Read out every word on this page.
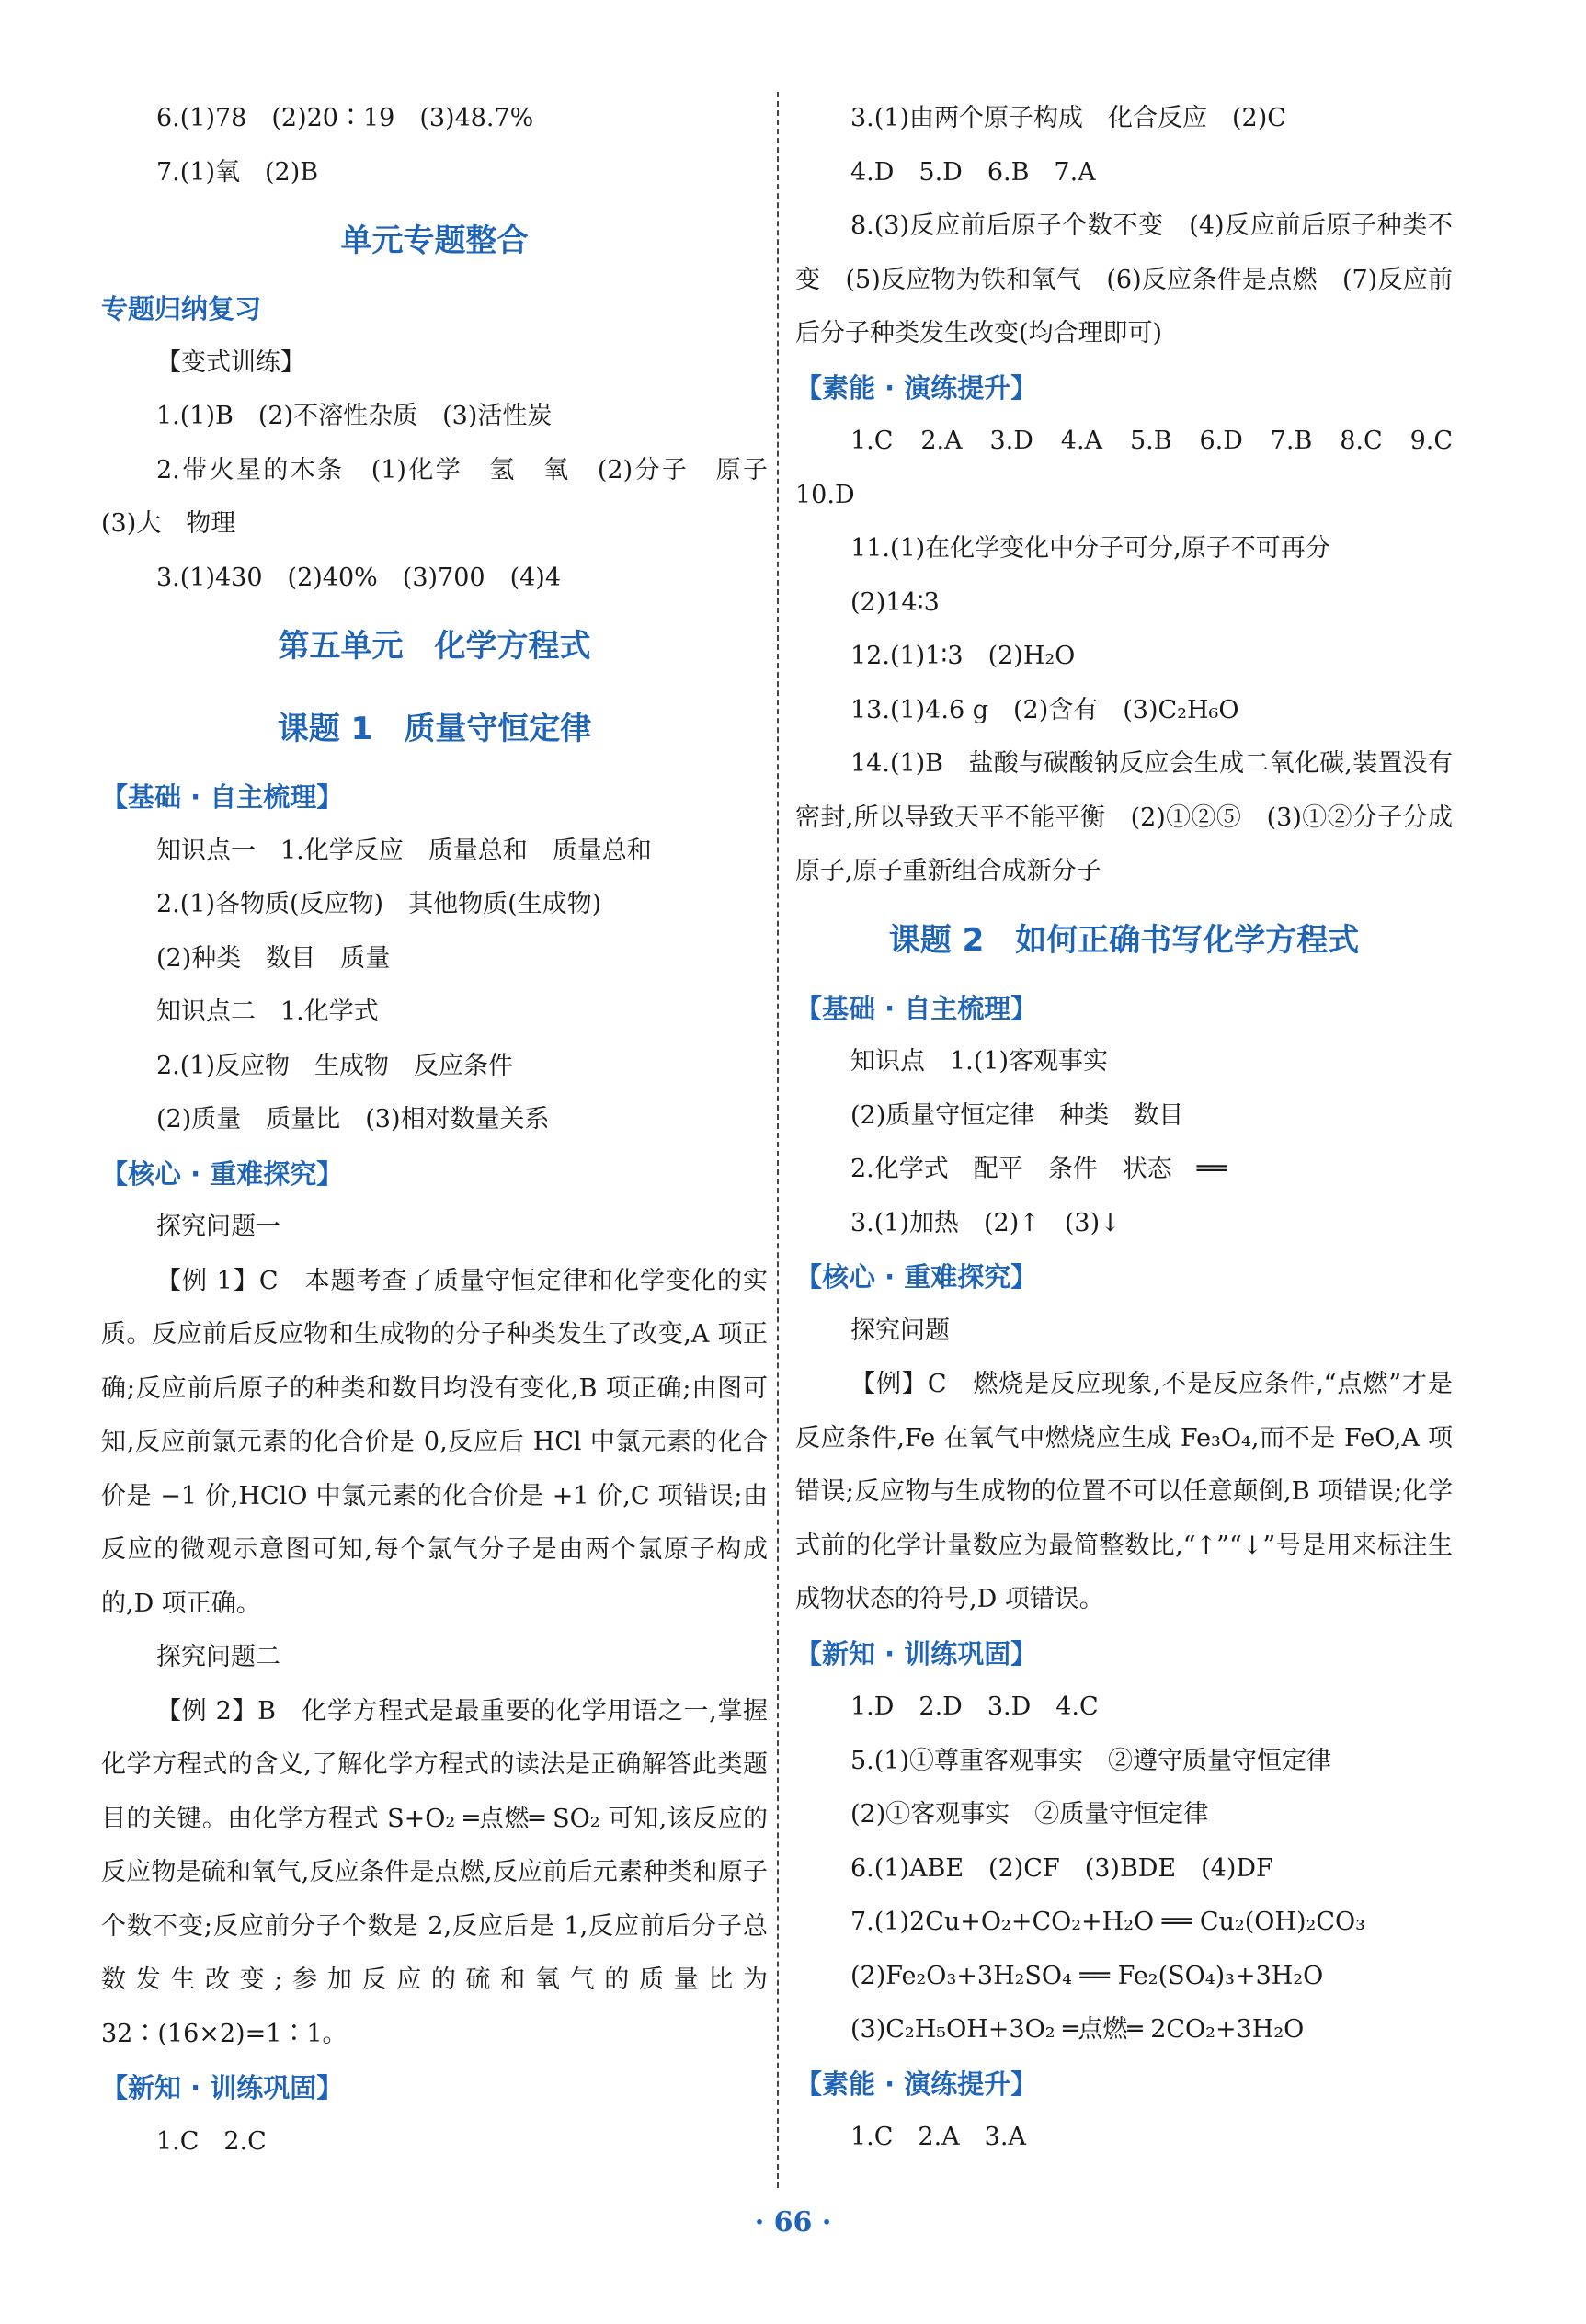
6.(1)78　(2)20∶19　(3)48.7%

7.(1)氧　(2)B

单元专题整合

专题归纳复习

【变式训练】

1.(1)B　(2)不溶性杂质　(3)活性炭

2.带火星的木条　(1)化学　氢　氧　(2)分子　原子　(3)大　物理

3.(1)430　(2)40%　(3)700　(4)4

第五单元　化学方程式

课题 1　质量守恒定律

【基础 · 自主梳理】

知识点一　1.化学反应　质量总和　质量总和

2.(1)各物质(反应物)　其他物质(生成物)

(2)种类　数目　质量

知识点二　1.化学式

2.(1)反应物　生成物　反应条件

(2)质量　质量比　(3)相对数量关系

【核心 · 重难探究】

探究问题一

【例 1】C　本题考查了质量守恒定律和化学变化的实质。反应前后反应物和生成物的分子种类发生了改变,A 项正确;反应前后原子的种类和数目均没有变化,B 项正确;由图可知,反应前氯元素的化合价是 0,反应后 HCl 中氯元素的化合价是 −1 价,HClO 中氯元素的化合价是 +1 价,C 项错误;由反应的微观示意图可知,每个氯气分子是由两个氯原子构成的,D 项正确。

探究问题二

【例 2】B　化学方程式是最重要的化学用语之一,掌握化学方程式的含义,了解化学方程式的读法是正确解答此类题目的关键。由化学方程式 S+O₂ ═点燃═ SO₂ 可知,该反应的反应物是硫和氧气,反应条件是点燃,反应前后元素种类和原子个数不变;反应前分子个数是 2,反应后是 1,反应前后分子总数发生改变;参加反应的硫和氧气的质量比为 32∶(16×2)=1∶1。

【新知 · 训练巩固】

1.C　2.C

3.(1)由两个原子构成　化合反应　(2)C

4.D　5.D　6.B　7.A

8.(3)反应前后原子个数不变　(4)反应前后原子种类不变　(5)反应物为铁和氧气　(6)反应条件是点燃　(7)反应前后分子种类发生改变(均合理即可)

【素能 · 演练提升】

1.C　2.A　3.D　4.A　5.B　6.D　7.B　8.C　9.C　10.D

11.(1)在化学变化中分子可分,原子不可再分

(2)14∶3

12.(1)1∶3　(2)H₂O

13.(1)4.6 g　(2)含有　(3)C₂H₆O

14.(1)B　盐酸与碳酸钠反应会生成二氧化碳,装置没有密封,所以导致天平不能平衡　(2)①②⑤　(3)①②分子分成原子,原子重新组合成新分子

课题 2　如何正确书写化学方程式

【基础 · 自主梳理】

知识点　1.(1)客观事实

(2)质量守恒定律　种类　数目

2.化学式　配平　条件　状态　══

3.(1)加热　(2)↑　(3)↓

【核心 · 重难探究】

探究问题

【例】C　燃烧是反应现象,不是反应条件,“点燃”才是反应条件,Fe 在氧气中燃烧应生成 Fe₃O₄,而不是 FeO,A 项错误;反应物与生成物的位置不可以任意颠倒,B 项错误;化学式前的化学计量数应为最简整数比,“↑”“↓”号是用来标注生成物状态的符号,D 项错误。

【新知 · 训练巩固】

1.D　2.D　3.D　4.C

5.(1)①尊重客观事实　②遵守质量守恒定律

(2)①客观事实　②质量守恒定律

6.(1)ABE　(2)CF　(3)BDE　(4)DF

7.(1)2Cu+O₂+CO₂+H₂O ══ Cu₂(OH)₂CO₃

(2)Fe₂O₃+3H₂SO₄ ══ Fe₂(SO₄)₃+3H₂O

(3)C₂H₅OH+3O₂ ═点燃═ 2CO₂+3H₂O

【素能 · 演练提升】

1.C　2.A　3.A

· 66 ·
